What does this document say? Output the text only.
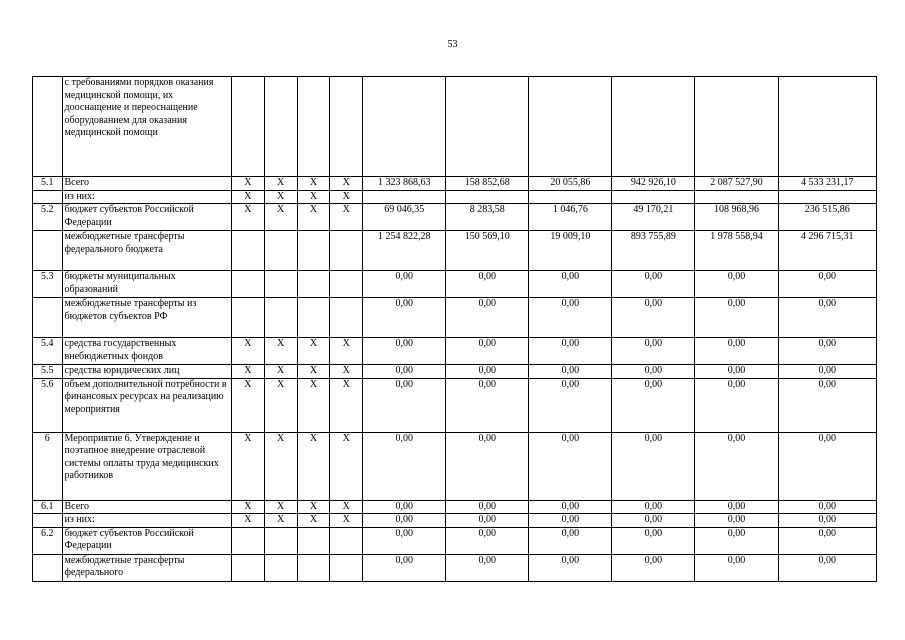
53
	с требованиями порядков оказания медицинской помощи, их дооснащение и переоснащение оборудованием для оказания медицинской помощи										
5.1	Всего	Х	Х	Х	Х	1 323 868,63	158 852,68	20 055,86	942 926,10	2 087 527,90	4 533 231,17
	из них:	Х	Х	Х	Х						
5.2	бюджет субъектов Российской Федерации	Х	Х	Х	Х	69 046,35	8 283,58	1 046,76	49 170,21	108 968,96	236 515,86
	межбюджетные трансферты федерального бюджета					1 254 822,28	150 569,10	19 009,10	893 755,89	1 978 558,94	4 296 715,31
5.3	бюджеты муниципальных образований					0,00	0,00	0,00	0,00	0,00	0,00
	межбюджетные трансферты из бюджетов субъектов РФ					0,00	0,00	0,00	0,00	0,00	0,00
5.4	средства государственных внебюджетных фондов	Х	Х	Х	Х	0,00	0,00	0,00	0,00	0,00	0,00
5.5	средства юридических лиц	Х	Х	Х	Х	0,00	0,00	0,00	0,00	0,00	0,00
5.6	объем дополнительной потребности в финансовых ресурсах на реализацию мероприятия	Х	Х	Х	Х	0,00	0,00	0,00	0,00	0,00	0,00
6	Мероприятие 6. Утверждение и поэтапное внедрение отраслевой системы оплаты труда медицинских работников	Х	Х	Х	Х	0,00	0,00	0,00	0,00	0,00	0,00
6.1	Всего	Х	Х	Х	Х	0,00	0,00	0,00	0,00	0,00	0,00
	из них:	Х	Х	Х	Х	0,00	0,00	0,00	0,00	0,00	0,00
6.2	бюджет субъектов Российской Федерации					0,00	0,00	0,00	0,00	0,00	0,00
	межбюджетные трансферты федерального					0,00	0,00	0,00	0,00	0,00	0,00
